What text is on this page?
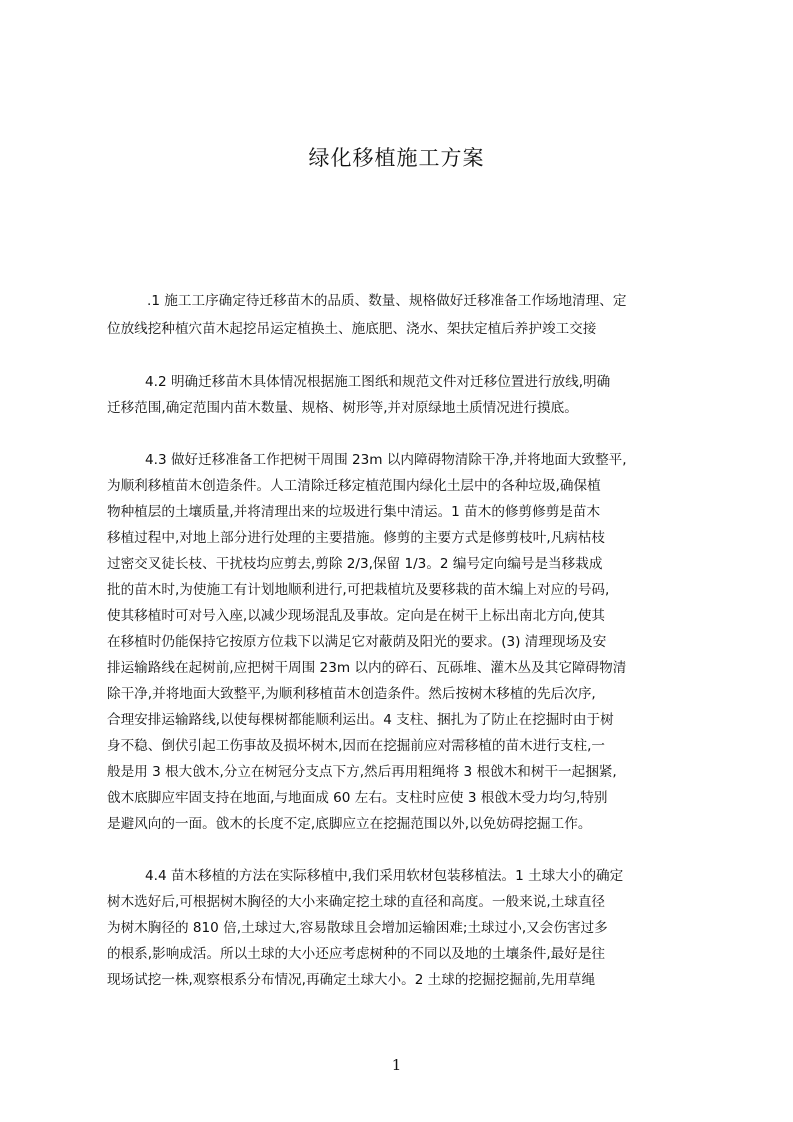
绿化移植施工方案
.1 施工工序确定待迁移苗木的品质、数量、规格做好迁移准备工作场地清理、定
位放线挖种植穴苗木起挖吊运定植换土、施底肥、浇水、架扶定植后养护竣工交接
4.2 明确迁移苗木具体情况根据施工图纸和规范文件对迁移位置进行放线,明确
迁移范围,确定范围内苗木数量、规格、树形等,并对原绿地土质情况进行摸底。
4.3 做好迁移准备工作把树干周围 23m 以内障碍物清除干净,并将地面大致整平,
为顺利移植苗木创造条件。人工清除迁移定植范围内绿化土层中的各种垃圾,确保植
物种植层的土壤质量,并将清理出来的垃圾进行集中清运。1 苗木的修剪修剪是苗木
移植过程中,对地上部分进行处理的主要措施。修剪的主要方式是修剪枝叶,凡病枯枝
过密交叉徒长枝、干扰枝均应剪去,剪除 2/3,保留 1/3。2 编号定向编号是当移栽成
批的苗木时,为使施工有计划地顺利进行,可把栽植坑及要移栽的苗木编上对应的号码,
使其移植时可对号入座,以减少现场混乱及事故。定向是在树干上标出南北方向,使其
在移植时仍能保持它按原方位栽下以满足它对蔽荫及阳光的要求。(3) 清理现场及安
排运输路线在起树前,应把树干周围 23m 以内的碎石、瓦砾堆、灌木丛及其它障碍物清
除干净,并将地面大致整平,为顺利移植苗木创造条件。然后按树木移植的先后次序,
合理安排运输路线,以使每棵树都能顺利运出。4 支柱、捆扎为了防止在挖掘时由于树
身不稳、倒伏引起工伤事故及损坏树木,因而在挖掘前应对需移植的苗木进行支柱,一
般是用 3 根大戗木,分立在树冠分支点下方,然后再用粗绳将 3 根戗木和树干一起捆紧,
戗木底脚应牢固支持在地面,与地面成 60 左右。支柱时应使 3 根戗木受力均匀,特别
是避风向的一面。戗木的长度不定,底脚应立在挖掘范围以外,以免妨碍挖掘工作。
4.4 苗木移植的方法在实际移植中,我们采用软材包装移植法。1 土球大小的确定
树木选好后,可根据树木胸径的大小来确定挖土球的直径和高度。一般来说,土球直径
为树木胸径的 810 倍,土球过大,容易散球且会增加运输困难;土球过小,又会伤害过多
的根系,影响成活。所以土球的大小还应考虑树种的不同以及地的土壤条件,最好是往
现场试挖一株,观察根系分布情况,再确定土球大小。2 土球的挖掘挖掘前,先用草绳
1
